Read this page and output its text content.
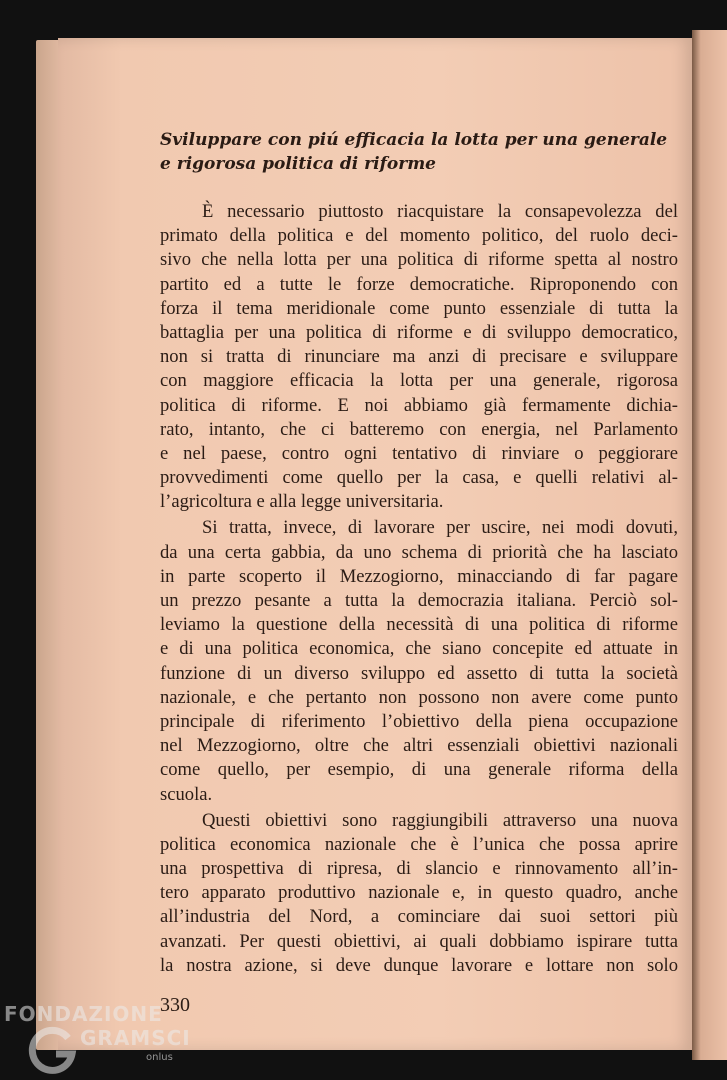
Sviluppare con piú efficacia la lotta per una generale
e rigorosa politica di riforme

È necessario piuttosto riacquistare la consapevolezza del
primato della politica e del momento politico, del ruolo deci-
sivo che nella lotta per una politica di riforme spetta al nostro
partito ed a tutte le forze democratiche. Riproponendo con
forza il tema meridionale come punto essenziale di tutta la
battaglia per una politica di riforme e di sviluppo democratico,
non si tratta di rinunciare ma anzi di precisare e sviluppare
con maggiore efficacia la lotta per una generale, rigorosa
politica di riforme. E noi abbiamo già fermamente dichia-
rato, intanto, che ci batteremo con energia, nel Parlamento
e nel paese, contro ogni tentativo di rinviare o peggiorare
provvedimenti come quello per la casa, e quelli relativi al-
l’agricoltura e alla legge universitaria.

Si tratta, invece, di lavorare per uscire, nei modi dovuti,
da una certa gabbia, da uno schema di priorità che ha lasciato
in parte scoperto il Mezzogiorno, minacciando di far pagare
un prezzo pesante a tutta la democrazia italiana. Perciò sol-
leviamo la questione della necessità di una politica di riforme
e di una politica economica, che siano concepite ed attuate in
funzione di un diverso sviluppo ed assetto di tutta la società
nazionale, e che pertanto non possono non avere come punto
principale di riferimento l’obiettivo della piena occupazione
nel Mezzogiorno, oltre che altri essenziali obiettivi nazionali
come quello, per esempio, di una generale riforma della
scuola.

Questi obiettivi sono raggiungibili attraverso una nuova
politica economica nazionale che è l’unica che possa aprire
una prospettiva di ripresa, di slancio e rinnovamento all’in-
tero apparato produttivo nazionale e, in questo quadro, anche
all’industria del Nord, a cominciare dai suoi settori più
avanzati. Per questi obiettivi, ai quali dobbiamo ispirare tutta
la nostra azione, si deve dunque lavorare e lottare non solo

330
FONDAZIONE
GRAMSCI
onlus
